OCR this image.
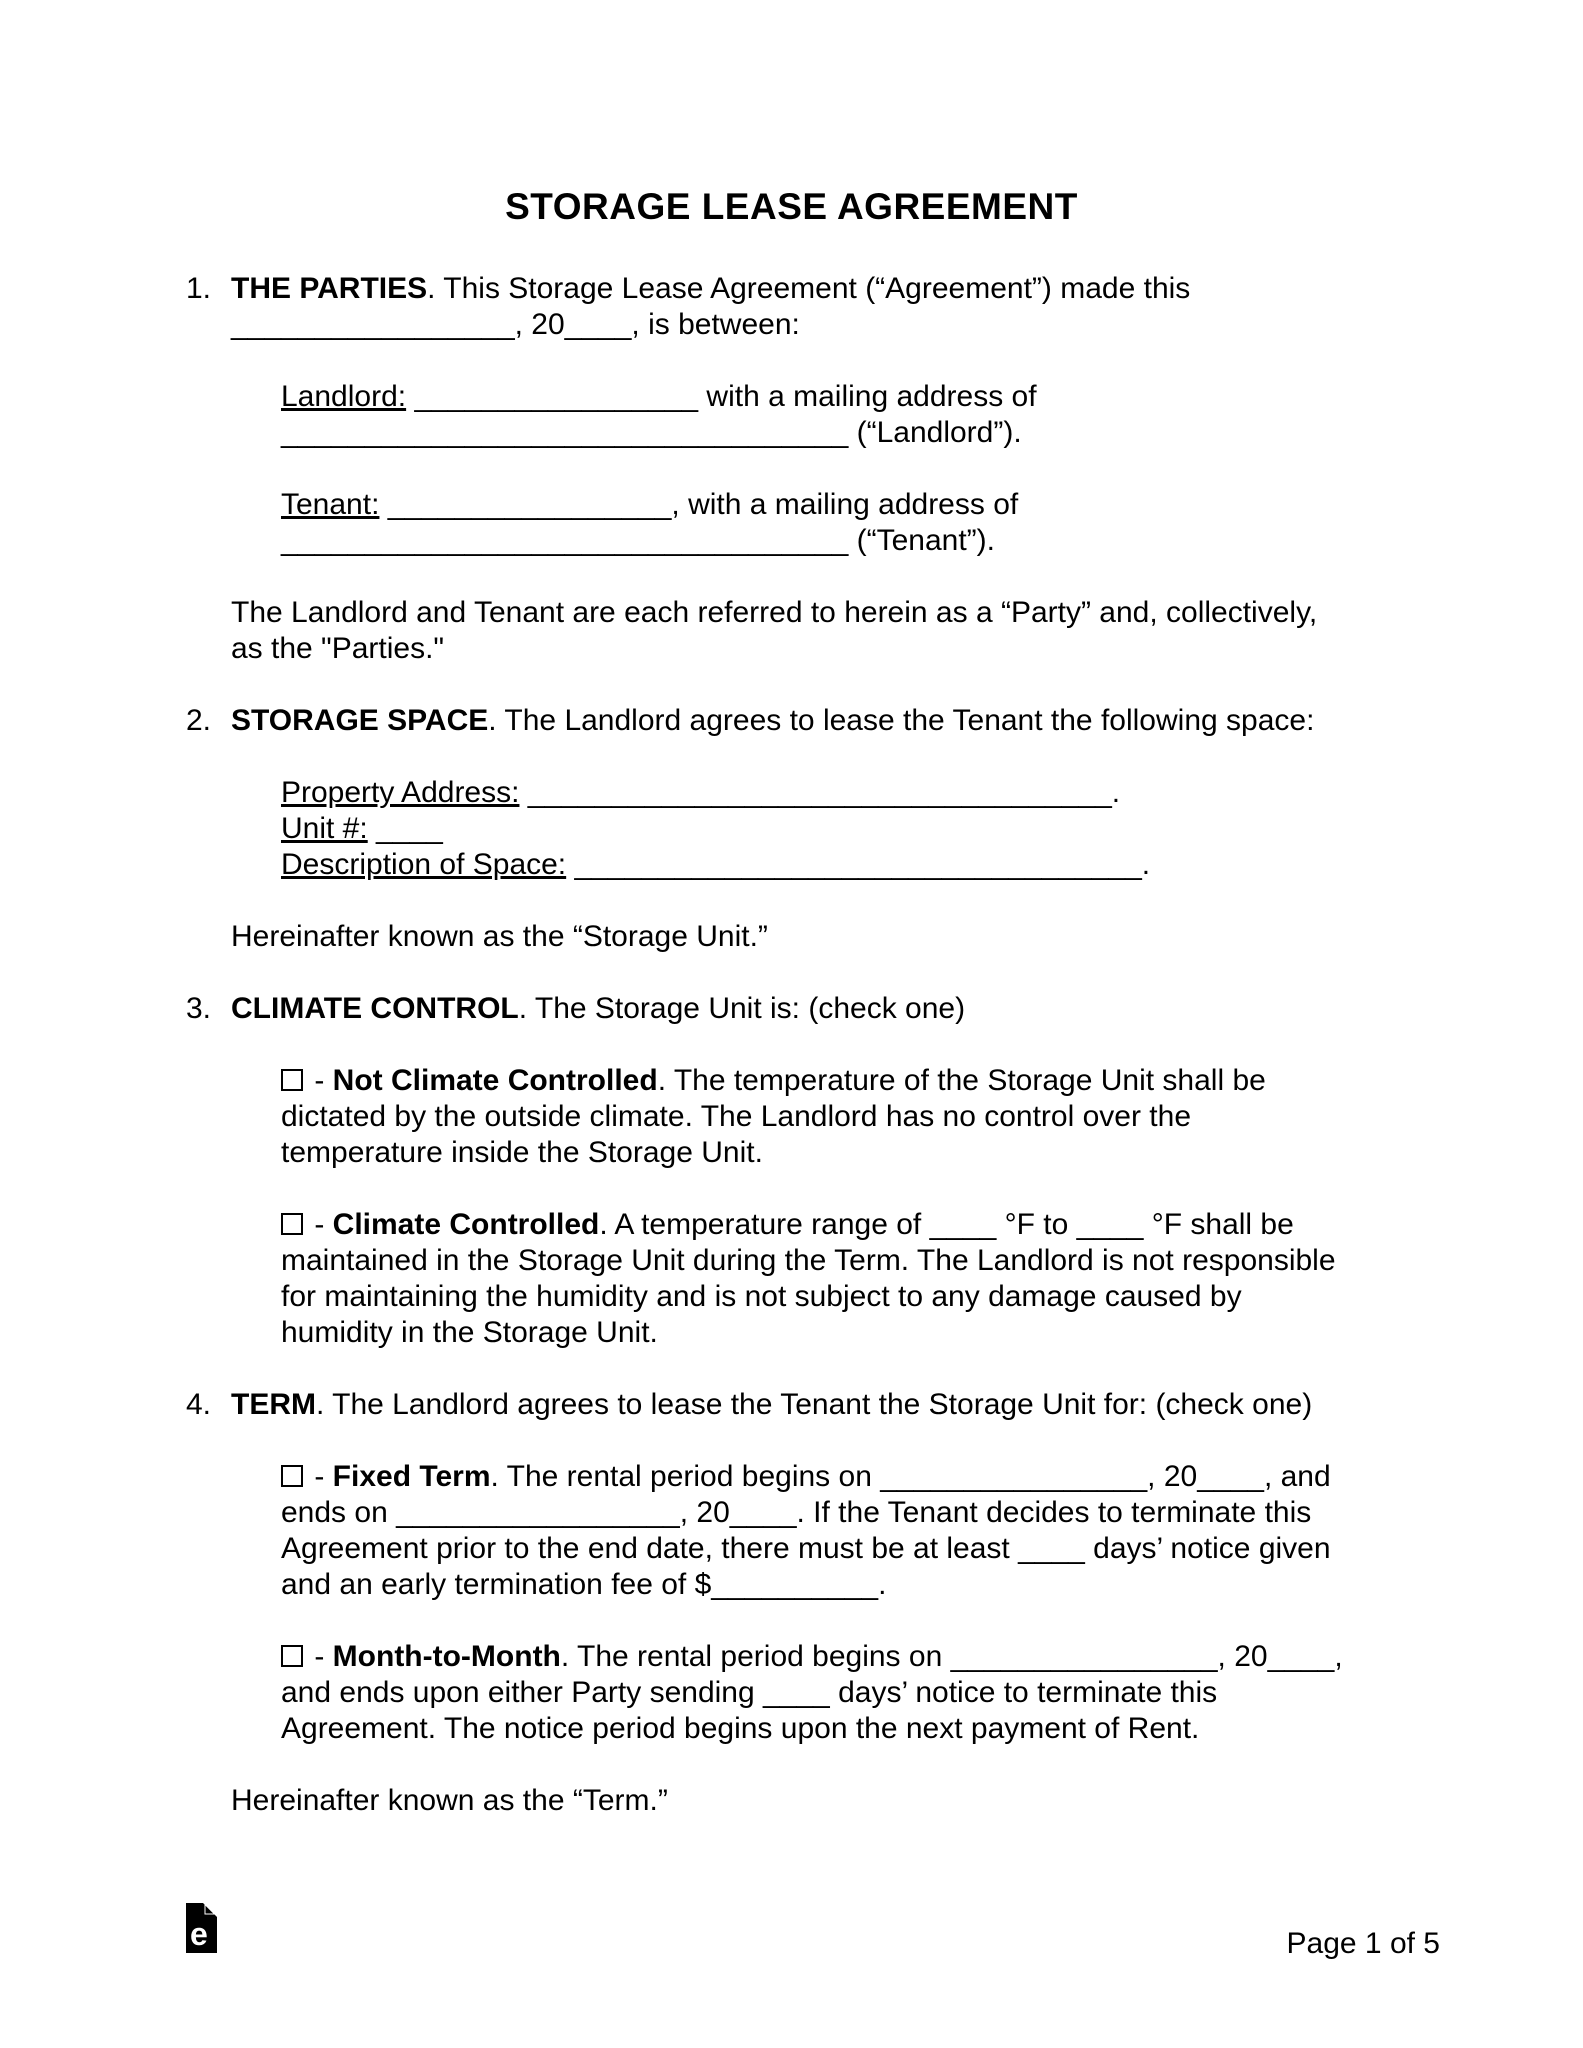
STORAGE LEASE AGREEMENT
1. THE PARTIES. This Storage Lease Agreement (“Agreement”) made this
_________________, 20____, is between:

Landlord: _________________ with a mailing address of
__________________________________ (“Landlord”).

Tenant: _________________, with a mailing address of
__________________________________ (“Tenant”).

The Landlord and Tenant are each referred to herein as a “Party” and, collectively,
as the "Parties."

2. STORAGE SPACE. The Landlord agrees to lease the Tenant the following space:

Property Address: ___________________________________.
Unit #: ____
Description of Space: __________________________________.

Hereinafter known as the “Storage Unit.”

3. CLIMATE CONTROL. The Storage Unit is: (check one)

- Not Climate Controlled. The temperature of the Storage Unit shall be
dictated by the outside climate. The Landlord has no control over the
temperature inside the Storage Unit.

- Climate Controlled. A temperature range of ____ °F to ____ °F shall be
maintained in the Storage Unit during the Term. The Landlord is not responsible
for maintaining the humidity and is not subject to any damage caused by
humidity in the Storage Unit.

4. TERM. The Landlord agrees to lease the Tenant the Storage Unit for: (check one)

- Fixed Term. The rental period begins on ________________, 20____, and
ends on _________________, 20____. If the Tenant decides to terminate this
Agreement prior to the end date, there must be at least ____ days’ notice given
and an early termination fee of $__________.

- Month-to-Month. The rental period begins on ________________, 20____,
and ends upon either Party sending ____ days’ notice to terminate this
Agreement. The notice period begins upon the next payment of Rent.

Hereinafter known as the “Term.”

e	Page 1 of 5
